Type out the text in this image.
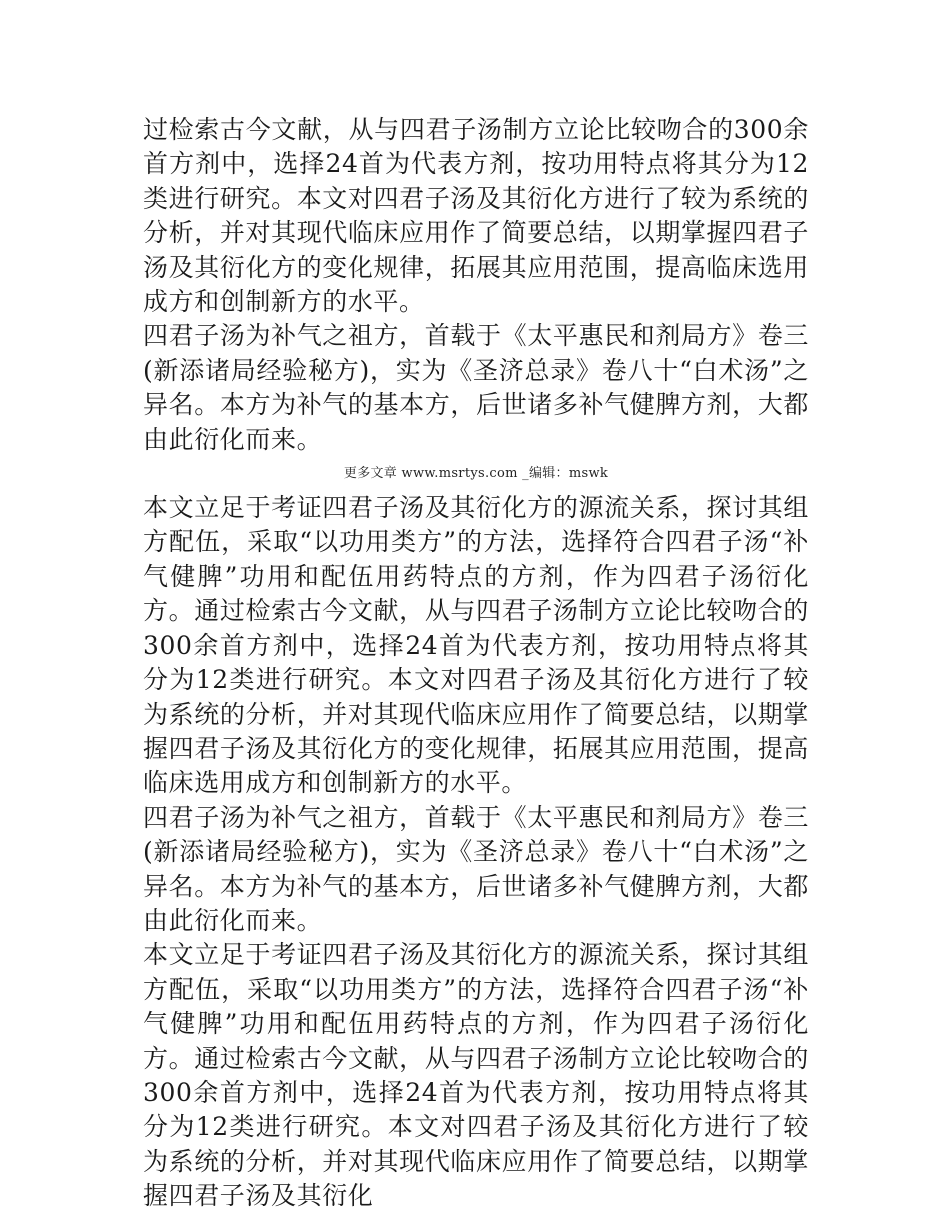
过检索古今文献，从与四君子汤制方立论比较吻合的300余首方剂中，选择24首为代表方剂，按功用特点将其分为12类进行研究。本文对四君子汤及其衍化方进行了较为系统的分析，并对其现代临床应用作了简要总结，以期掌握四君子汤及其衍化方的变化规律，拓展其应用范围，提高临床选用成方和创制新方的水平。

四君子汤为补气之祖方，首载于《太平惠民和剂局方》卷三(新添诸局经验秘方)，实为《圣济总录》卷八十“白术汤”之异名。本方为补气的基本方，后世诸多补气健脾方剂，大都由此衍化而来。

更多文章 www.msrtys.com _编辑：mswk

本文立足于考证四君子汤及其衍化方的源流关系，探讨其组方配伍，采取“以功用类方”的方法，选择符合四君子汤“补气健脾”功用和配伍用药特点的方剂，作为四君子汤衍化方。通过检索古今文献，从与四君子汤制方立论比较吻合的300余首方剂中，选择24首为代表方剂，按功用特点将其分为12类进行研究。本文对四君子汤及其衍化方进行了较为系统的分析，并对其现代临床应用作了简要总结，以期掌握四君子汤及其衍化方的变化规律，拓展其应用范围，提高临床选用成方和创制新方的水平。

四君子汤为补气之祖方，首载于《太平惠民和剂局方》卷三(新添诸局经验秘方)，实为《圣济总录》卷八十“白术汤”之异名。本方为补气的基本方，后世诸多补气健脾方剂，大都由此衍化而来。

本文立足于考证四君子汤及其衍化方的源流关系，探讨其组方配伍，采取“以功用类方”的方法，选择符合四君子汤“补气健脾”功用和配伍用药特点的方剂，作为四君子汤衍化方。通过检索古今文献，从与四君子汤制方立论比较吻合的300余首方剂中，选择24首为代表方剂，按功用特点将其分为12类进行研究。本文对四君子汤及其衍化方进行了较为系统的分析，并对其现代临床应用作了简要总结，以期掌握四君子汤及其衍化
